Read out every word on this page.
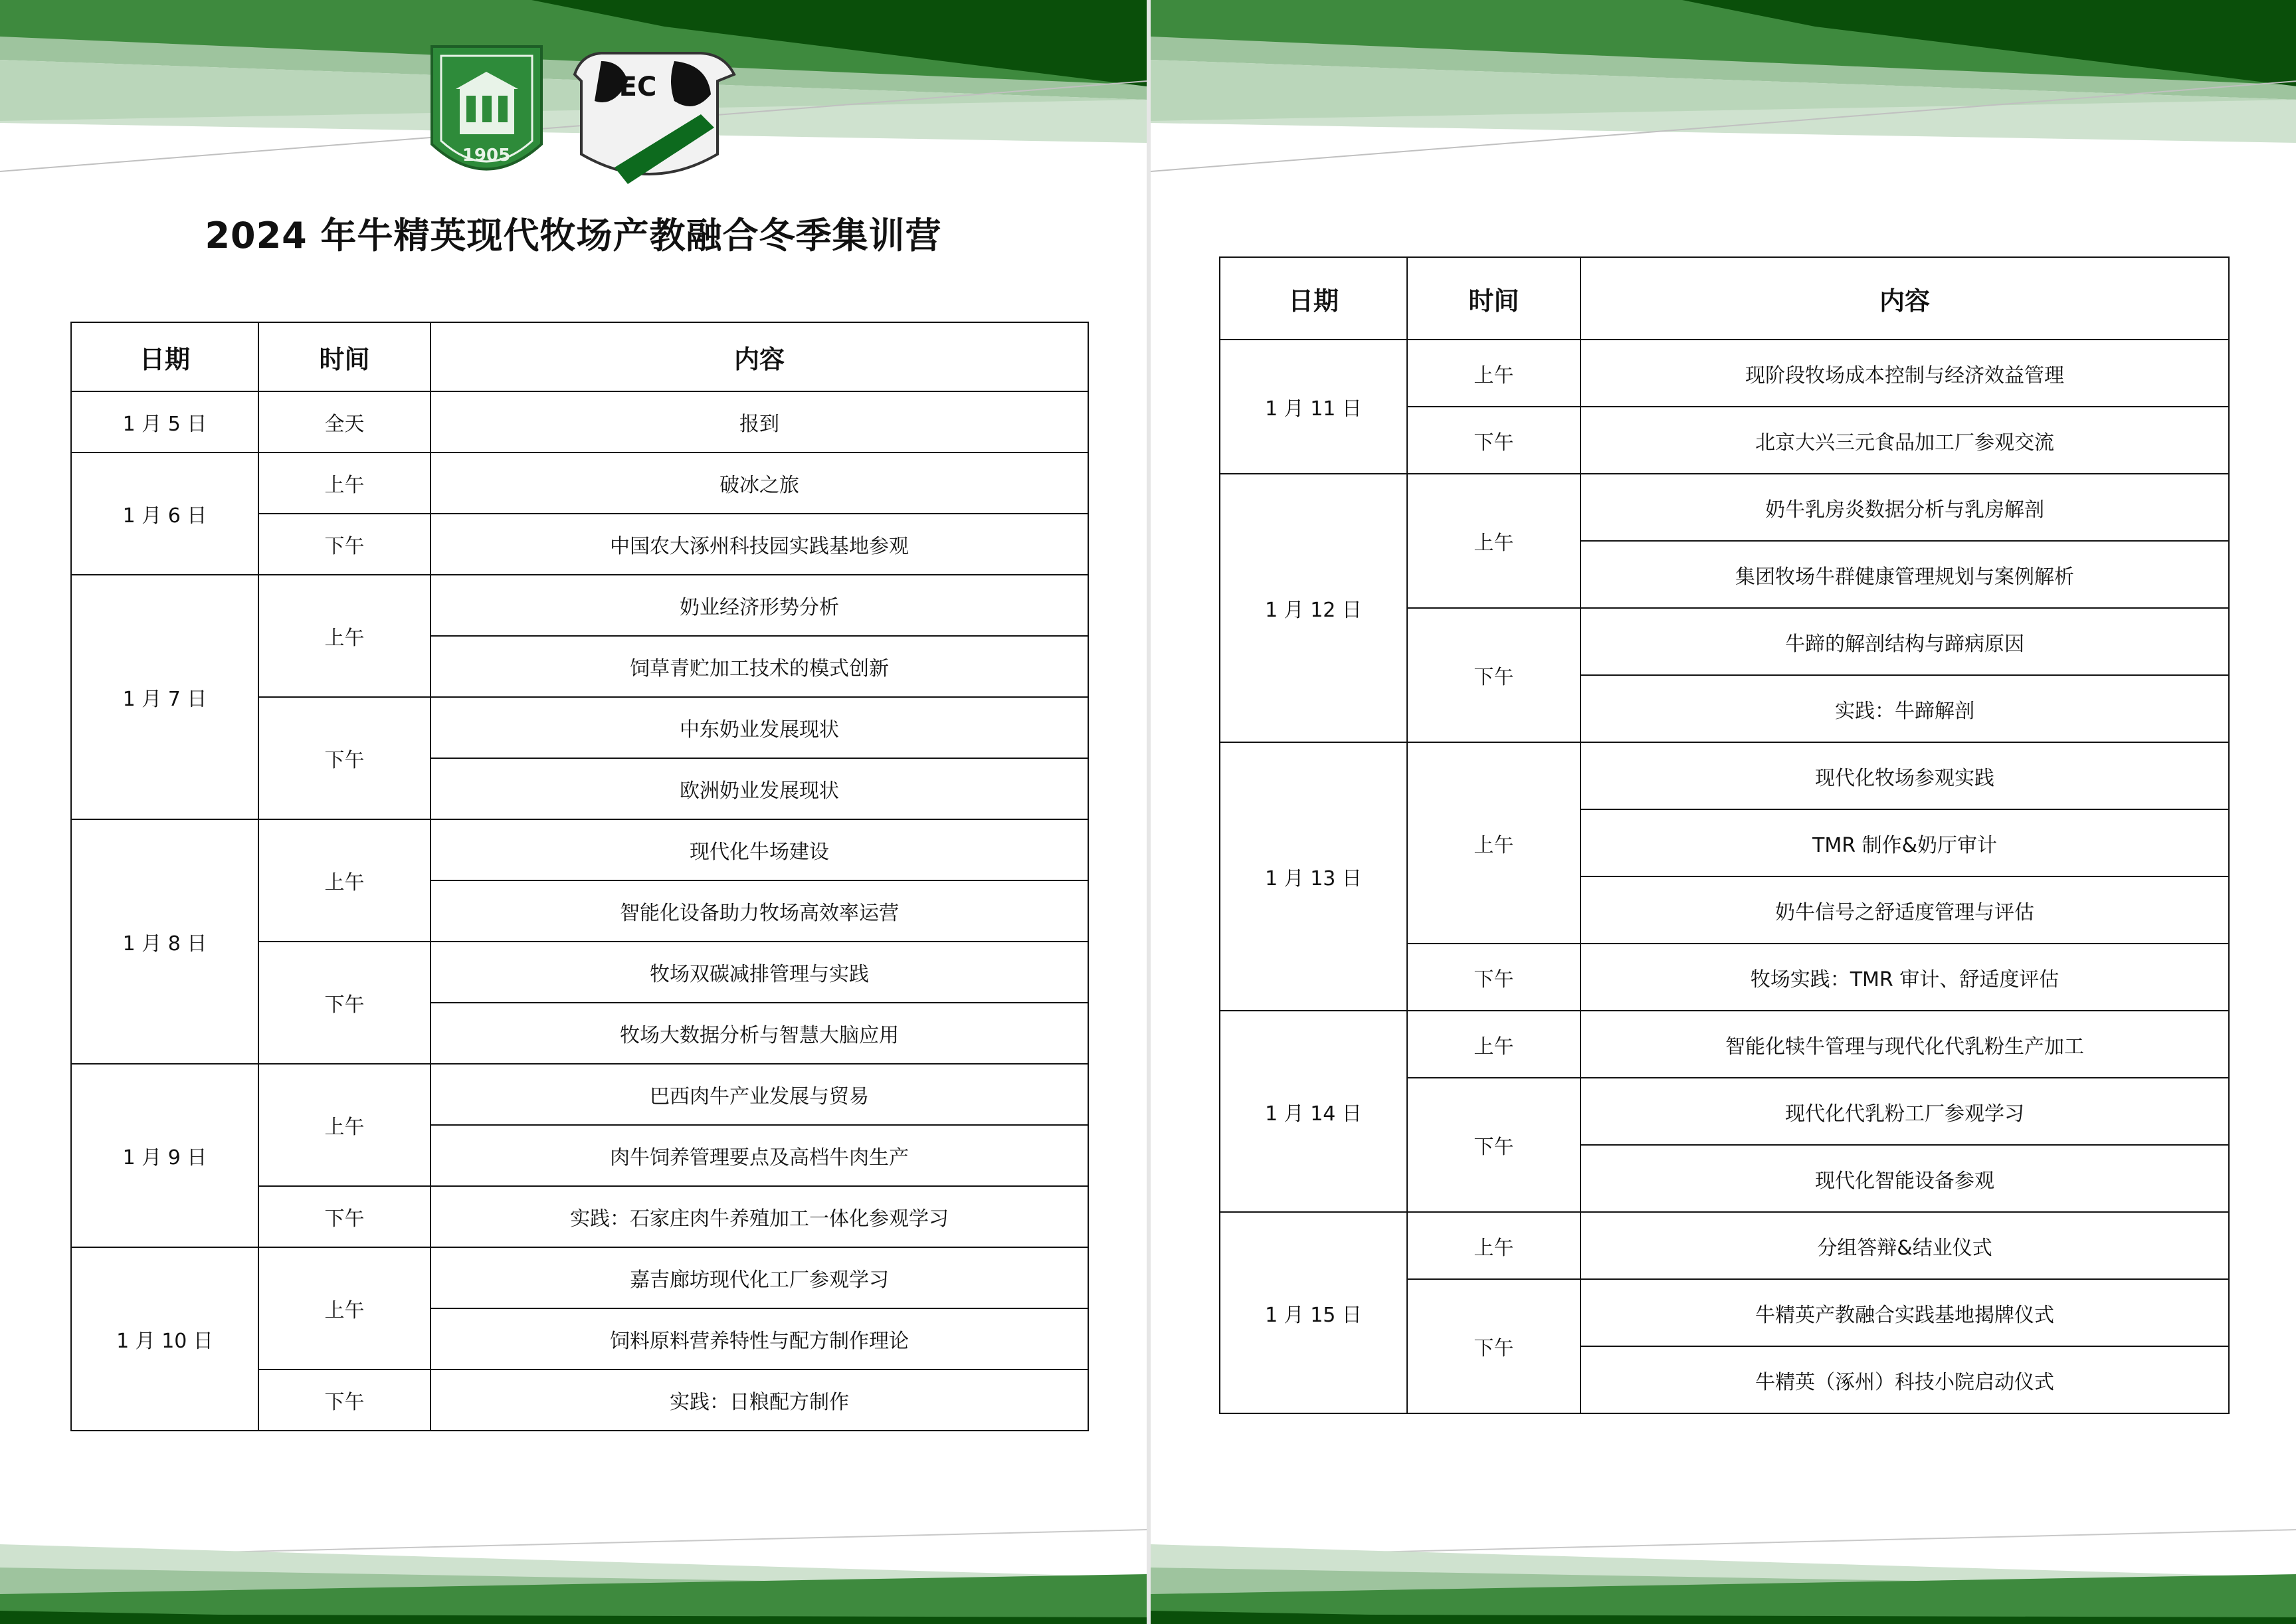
1905
EC
2024 年牛精英现代牧场产教融合冬季集训营
日期	时间	内容
1 月 5 日	全天	报到
1 月 6 日	上午	破冰之旅
	下午	中国农大涿州科技园实践基地参观
1 月 7 日	上午	奶业经济形势分析
		饲草青贮加工技术的模式创新
	下午	中东奶业发展现状
		欧洲奶业发展现状
1 月 8 日	上午	现代化牛场建设
		智能化设备助力牧场高效率运营
	下午	牧场双碳减排管理与实践
		牧场大数据分析与智慧大脑应用
1 月 9 日	上午	巴西肉牛产业发展与贸易
		肉牛饲养管理要点及高档牛肉生产
	下午	实践：石家庄肉牛养殖加工一体化参观学习
1 月 10 日	上午	嘉吉廊坊现代化工厂参观学习
		饲料原料营养特性与配方制作理论
	下午	实践：日粮配方制作
日期	时间	内容
1 月 11 日	上午	现阶段牧场成本控制与经济效益管理
	下午	北京大兴三元食品加工厂参观交流
1 月 12 日	上午	奶牛乳房炎数据分析与乳房解剖
		集团牧场牛群健康管理规划与案例解析
	下午	牛蹄的解剖结构与蹄病原因
		实践：牛蹄解剖
1 月 13 日	上午	现代化牧场参观实践
		TMR 制作&奶厅审计
		奶牛信号之舒适度管理与评估
	下午	牧场实践：TMR 审计、舒适度评估
1 月 14 日	上午	智能化犊牛管理与现代化代乳粉生产加工
	下午	现代化代乳粉工厂参观学习
		现代化智能设备参观
1 月 15 日	上午	分组答辩&结业仪式
	下午	牛精英产教融合实践基地揭牌仪式
		牛精英（涿州）科技小院启动仪式
